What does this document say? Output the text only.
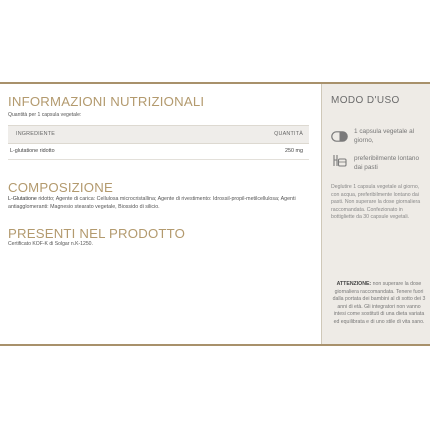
INFORMAZIONI NUTRIZIONALI
Quantità per 1 capsula vegetale:
INGREDIENTE	QUANTITÀ
L-glutatione ridotto	250 mg
COMPOSIZIONE
L-Glutatione ridotto; Agente di carica: Cellulosa microcristallina; Agente di rivestimento: Idrossil-propil-metilcellulosa; Agenti antiagglomeranti: Magnesio stearato vegetale, Biossido di silicio.
PRESENTI NEL PRODOTTO
Certificato KOF-K di Solgar n.K-1250.
MODO D'USO
1 capsula vegetale al giorno,
preferibilmente lontano dai pasti
Deglutire 1 capsula vegetale al giorno, con acqua, preferibilmente lontano dai pasti. Non superare la dose giornaliera raccomandata. Confezionato in bottigliette da 30 capsule vegetali.
ATTENZIONE: non superare la dose giornaliera raccomandata. Tenere fuori dalla portata dei bambini al di sotto dei 3 anni di età. Gli integratori non vanno intesi come sostituti di una dieta variata ed equilibrata e di uno stile di vita sano.
